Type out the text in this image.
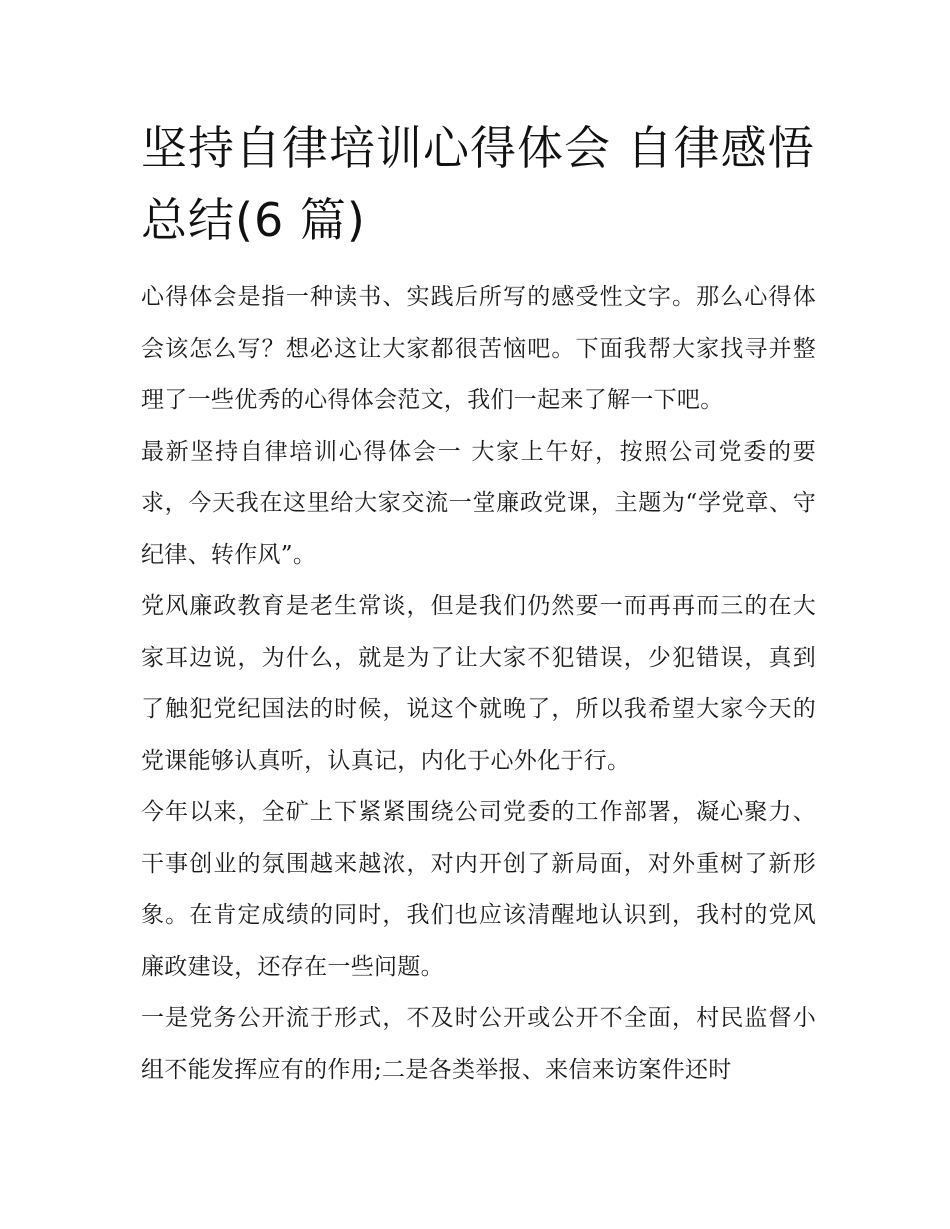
坚持自律培训心得体会 自律感悟总结(6 篇)

心得体会是指一种读书、实践后所写的感受性文字。那么心得体会该怎么写？想必这让大家都很苦恼吧。下面我帮大家找寻并整理了一些优秀的心得体会范文，我们一起来了解一下吧。

最新坚持自律培训心得体会一 大家上午好，按照公司党委的要求，今天我在这里给大家交流一堂廉政党课，主题为“学党章、守纪律、转作风”。

党风廉政教育是老生常谈，但是我们仍然要一而再再而三的在大家耳边说，为什么，就是为了让大家不犯错误，少犯错误，真到了触犯党纪国法的时候，说这个就晚了，所以我希望大家今天的党课能够认真听，认真记，内化于心外化于行。

今年以来，全矿上下紧紧围绕公司党委的工作部署，凝心聚力、干事创业的氛围越来越浓，对内开创了新局面，对外重树了新形象。在肯定成绩的同时，我们也应该清醒地认识到，我村的党风廉政建设，还存在一些问题。

一是党务公开流于形式，不及时公开或公开不全面，村民监督小组不能发挥应有的作用;二是各类举报、来信来访案件还时
